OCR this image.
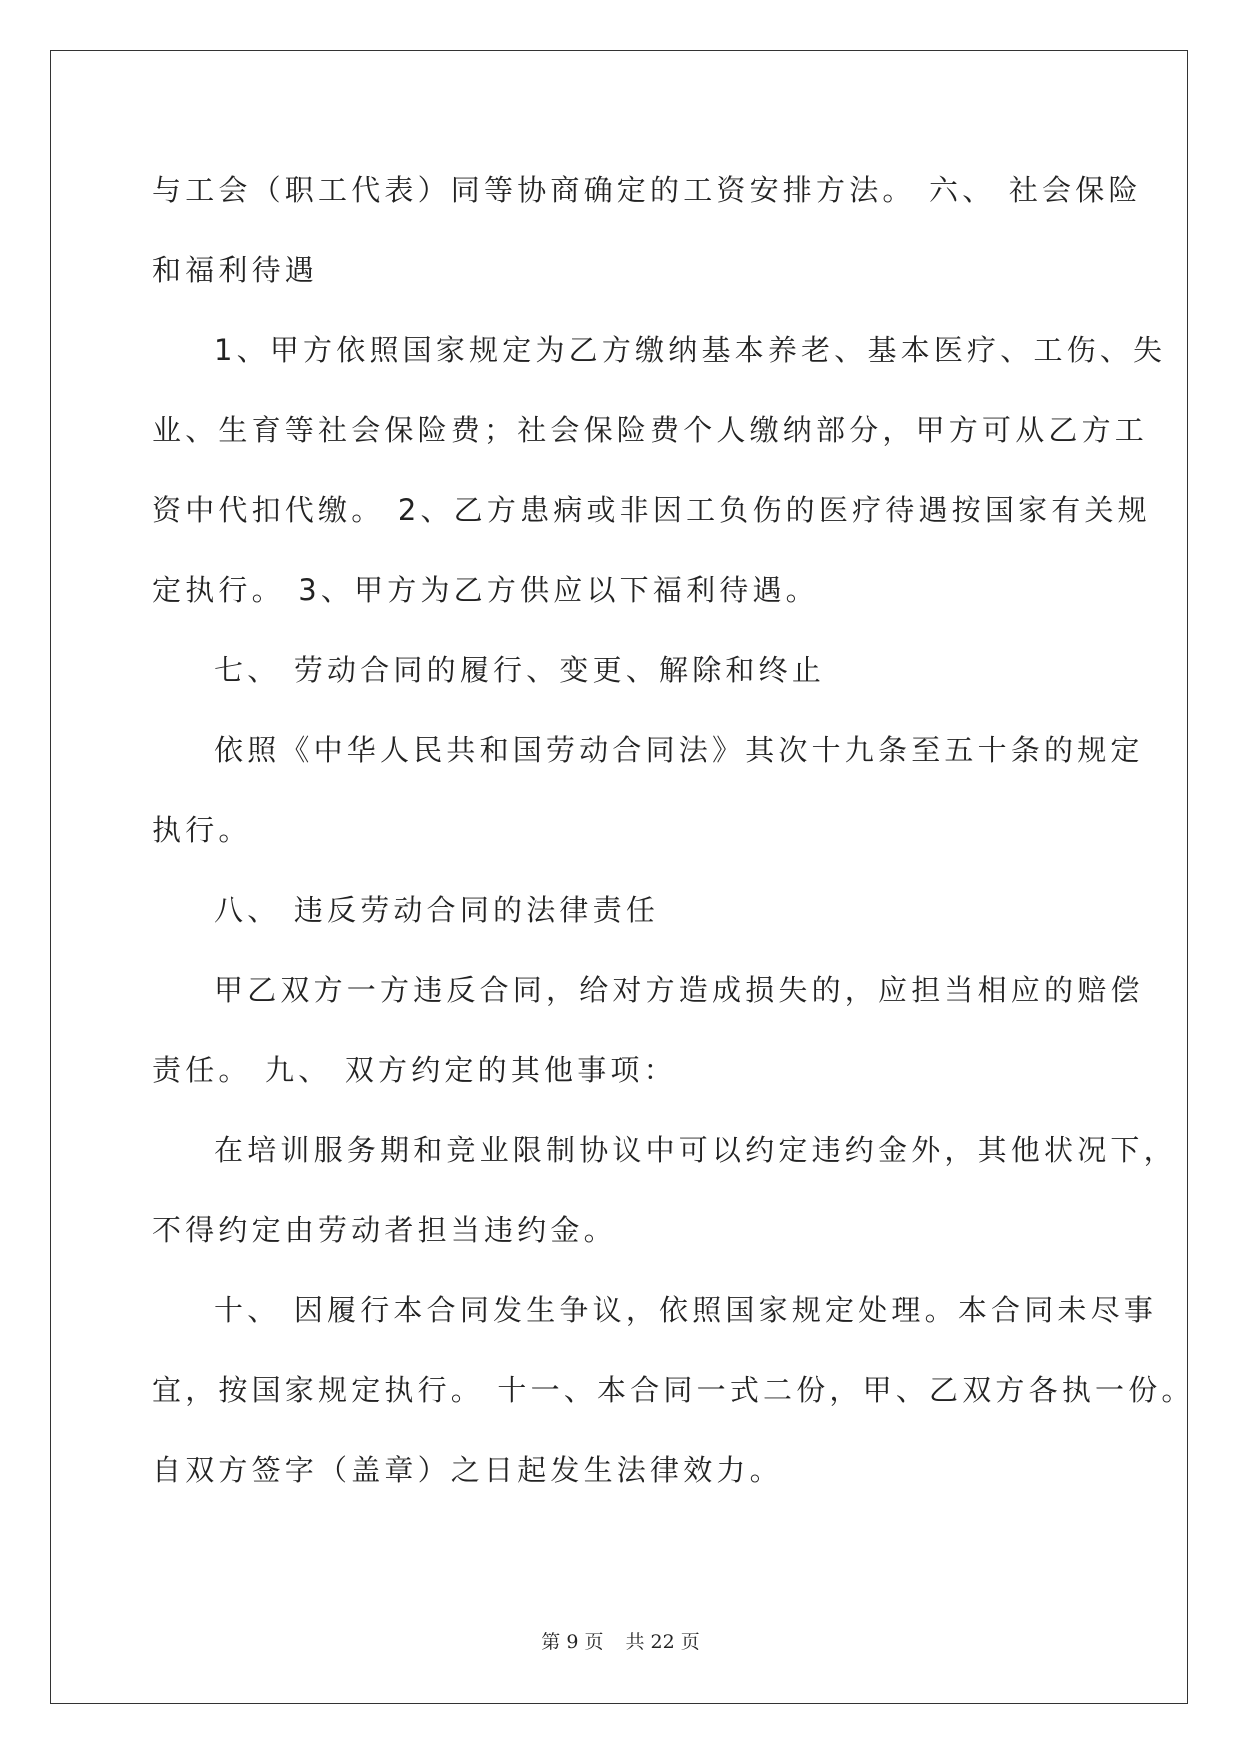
与工会（职工代表）同等协商确定的工资安排方法。 六、 社会保险
和福利待遇
1、甲方依照国家规定为乙方缴纳基本养老、基本医疗、工伤、失
业、生育等社会保险费；社会保险费个人缴纳部分，甲方可从乙方工
资中代扣代缴。 2、乙方患病或非因工负伤的医疗待遇按国家有关规
定执行。 3、甲方为乙方供应以下福利待遇。
七、 劳动合同的履行、变更、解除和终止
依照《中华人民共和国劳动合同法》其次十九条至五十条的规定
执行。
八、 违反劳动合同的法律责任
甲乙双方一方违反合同，给对方造成损失的，应担当相应的赔偿
责任。 九、 双方约定的其他事项：
在培训服务期和竞业限制协议中可以约定违约金外，其他状况下，
不得约定由劳动者担当违约金。
十、 因履行本合同发生争议，依照国家规定处理。本合同未尽事
宜，按国家规定执行。 十一、本合同一式二份，甲、乙双方各执一份。
自双方签字（盖章）之日起发生法律效力。
第 9 页 共 22 页
